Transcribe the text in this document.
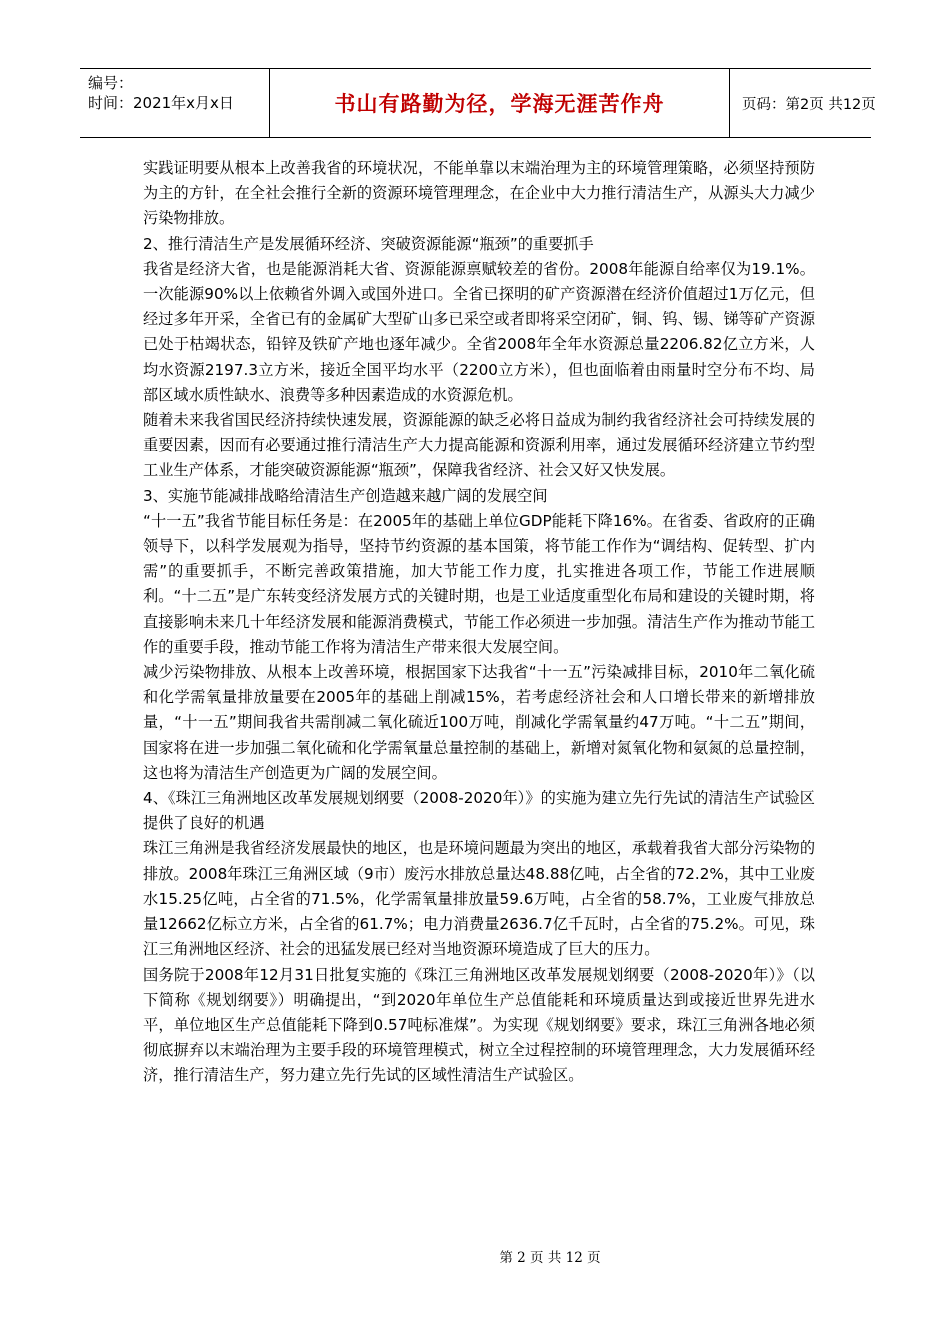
编号：
时间：2021年x月x日	书山有路勤为径，学海无涯苦作舟	页码：第2页 共12页

实践证明要从根本上改善我省的环境状况，不能单靠以末端治理为主的环境管理策略，必须坚持预防为主的方针，在全社会推行全新的资源环境管理理念，在企业中大力推行清洁生产，从源头大力减少污染物排放。

2、推行清洁生产是发展循环经济、突破资源能源“瓶颈”的重要抓手

我省是经济大省，也是能源消耗大省、资源能源禀赋较差的省份。2008年能源自给率仅为19.1%。一次能源90%以上依赖省外调入或国外进口。全省已探明的矿产资源潜在经济价值超过1万亿元，但经过多年开采，全省已有的金属矿大型矿山多已采空或者即将采空闭矿，铜、钨、锡、锑等矿产资源已处于枯竭状态，铅锌及铁矿产地也逐年减少。全省2008年全年水资源总量2206.82亿立方米，人均水资源2197.3立方米，接近全国平均水平（2200立方米），但也面临着由雨量时空分布不均、局部区域水质性缺水、浪费等多种因素造成的水资源危机。

随着未来我省国民经济持续快速发展，资源能源的缺乏必将日益成为制约我省经济社会可持续发展的重要因素，因而有必要通过推行清洁生产大力提高能源和资源利用率，通过发展循环经济建立节约型工业生产体系，才能突破资源能源“瓶颈”，保障我省经济、社会又好又快发展。

3、实施节能减排战略给清洁生产创造越来越广阔的发展空间

“十一五”我省节能目标任务是：在2005年的基础上单位GDP能耗下降16%。在省委、省政府的正确领导下，以科学发展观为指导，坚持节约资源的基本国策，将节能工作作为“调结构、促转型、扩内需”的重要抓手，不断完善政策措施，加大节能工作力度，扎实推进各项工作，节能工作进展顺利。“十二五”是广东转变经济发展方式的关键时期，也是工业适度重型化布局和建设的关键时期，将直接影响未来几十年经济发展和能源消费模式，节能工作必须进一步加强。清洁生产作为推动节能工作的重要手段，推动节能工作将为清洁生产带来很大发展空间。

减少污染物排放、从根本上改善环境，根据国家下达我省“十一五”污染减排目标，2010年二氧化硫和化学需氧量排放量要在2005年的基础上削减15%，若考虑经济社会和人口增长带来的新增排放量，“十一五”期间我省共需削减二氧化硫近100万吨，削减化学需氧量约47万吨。“十二五”期间，国家将在进一步加强二氧化硫和化学需氧量总量控制的基础上，新增对氮氧化物和氨氮的总量控制，这也将为清洁生产创造更为广阔的发展空间。

4、《珠江三角洲地区改革发展规划纲要（2008-2020年）》的实施为建立先行先试的清洁生产试验区提供了良好的机遇

珠江三角洲是我省经济发展最快的地区，也是环境问题最为突出的地区，承载着我省大部分污染物的排放。2008年珠江三角洲区域（9市）废污水排放总量达48.88亿吨，占全省的72.2%，其中工业废水15.25亿吨，占全省的71.5%，化学需氧量排放量59.6万吨，占全省的58.7%，工业废气排放总量12662亿标立方米，占全省的61.7%；电力消费量2636.7亿千瓦时，占全省的75.2%。可见，珠江三角洲地区经济、社会的迅猛发展已经对当地资源环境造成了巨大的压力。

国务院于2008年12月31日批复实施的《珠江三角洲地区改革发展规划纲要（2008-2020年）》（以下简称《规划纲要》）明确提出，“到2020年单位生产总值能耗和环境质量达到或接近世界先进水平，单位地区生产总值能耗下降到0.57吨标准煤”。为实现《规划纲要》要求，珠江三角洲各地必须彻底摒弃以末端治理为主要手段的环境管理模式，树立全过程控制的环境管理理念，大力发展循环经济，推行清洁生产，努力建立先行先试的区域性清洁生产试验区。

第 2 页 共 12 页
